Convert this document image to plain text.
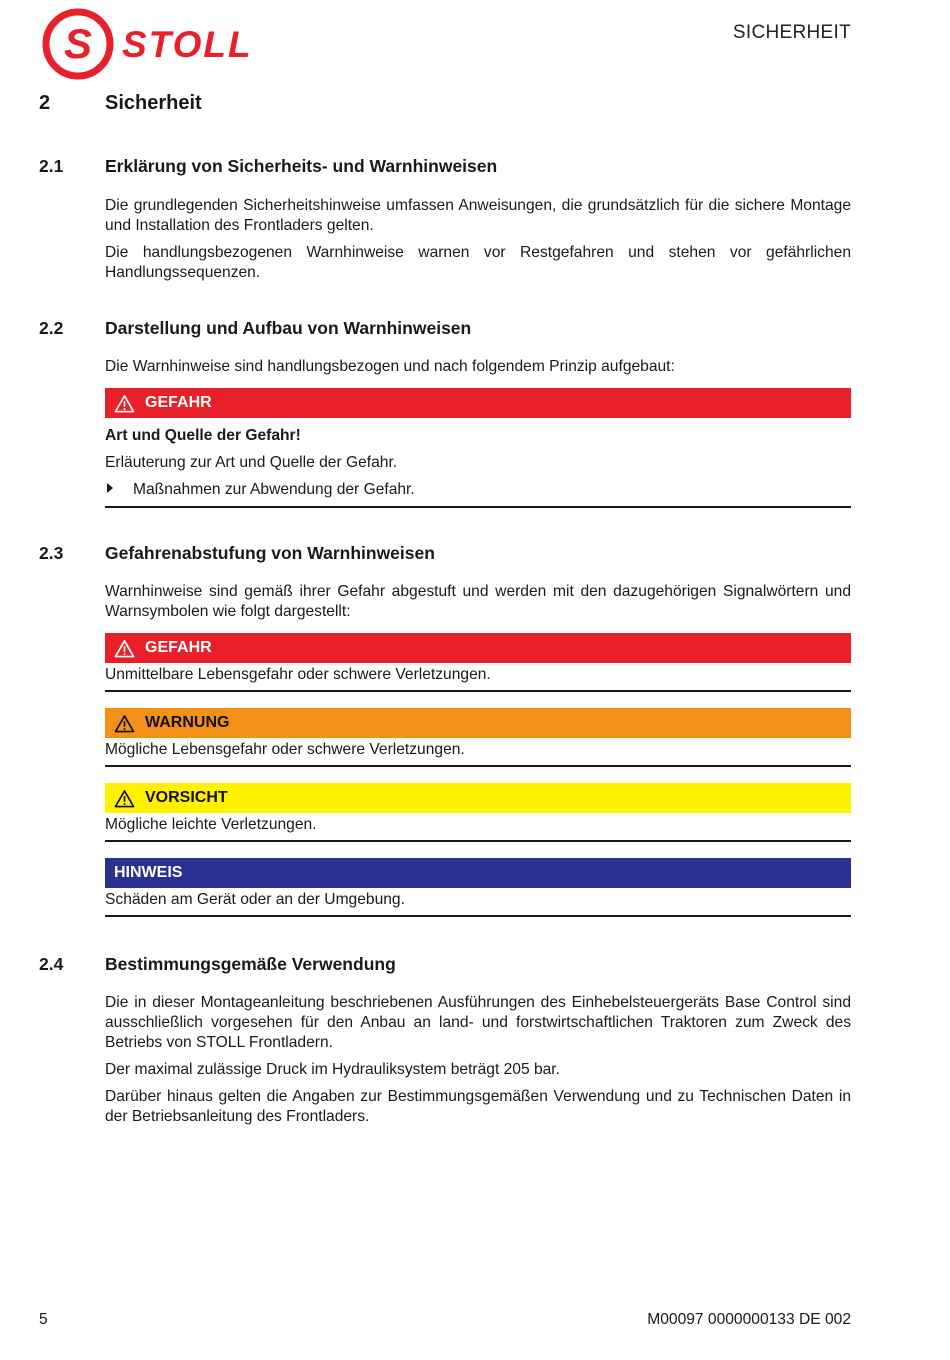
S STOLL	SICHERHEIT
2	Sicherheit
2.1 Erklärung von Sicherheits- und Warnhinweisen

Die grundlegenden Sicherheitshinweise umfassen Anweisungen, die grundsätzlich für die sichere Montage und Installation des Frontladers gelten.

Die handlungsbezogenen Warnhinweise warnen vor Restgefahren und stehen vor gefährlichen Handlungssequenzen.

2.2 Darstellung und Aufbau von Warnhinweisen

Die Warnhinweise sind handlungsbezogen und nach folgendem Prinzip aufgebaut:

GEFAHR
Art und Quelle der Gefahr!
Erläuterung zur Art und Quelle der Gefahr.
Maßnahmen zur Abwendung der Gefahr.
2.3 Gefahrenabstufung von Warnhinweisen

Warnhinweise sind gemäß ihrer Gefahr abgestuft und werden mit den dazugehörigen Signalwörtern und Warnsymbolen wie folgt dargestellt:

GEFAHR
Unmittelbare Lebensgefahr oder schwere Verletzungen.
WARNUNG
Mögliche Lebensgefahr oder schwere Verletzungen.
VORSICHT
Mögliche leichte Verletzungen.
HINWEIS
Schäden am Gerät oder an der Umgebung.
2.4 Bestimmungsgemäße Verwendung

Die in dieser Montageanleitung beschriebenen Ausführungen des Einhebelsteuergeräts Base Control sind ausschließlich vorgesehen für den Anbau an land- und forstwirtschaftlichen Traktoren zum Zweck des Betriebs von STOLL Frontladern.

Der maximal zulässige Druck im Hydrauliksystem beträgt 205 bar.

Darüber hinaus gelten die Angaben zur Bestimmungsgemäßen Verwendung und zu Technischen Daten in der Betriebsanleitung des Frontladers.

5	M00097 0000000133 DE 002
